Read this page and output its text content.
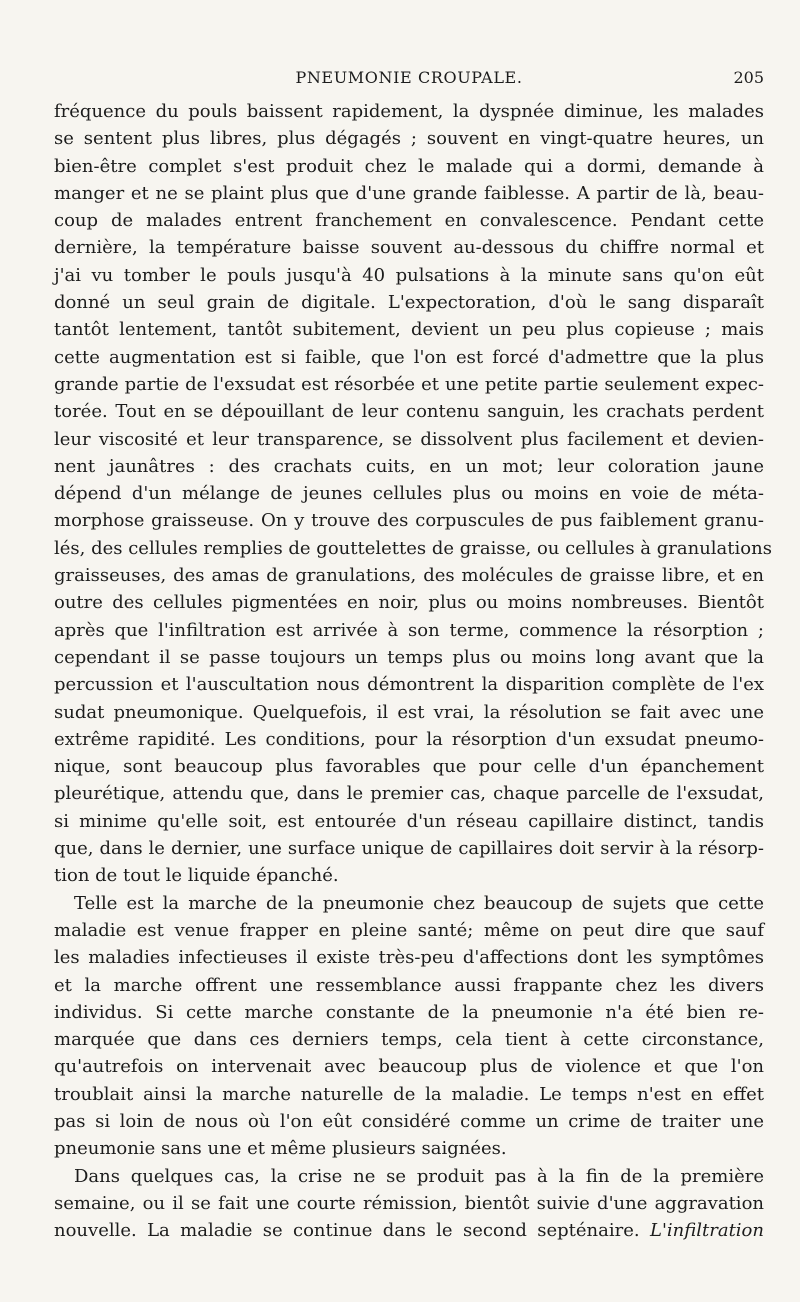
PNEUMONIE CROUPALE.	205
fréquence du pouls baissent rapidement, la dyspnée diminue, les malades
se sentent plus libres, plus dégagés ; souvent en vingt-quatre heures, un
bien-être complet s'est produit chez le malade qui a dormi, demande à
manger et ne se plaint plus que d'une grande faiblesse. A partir de là, beau-
coup de malades entrent franchement en convalescence. Pendant cette
dernière, la température baisse souvent au-dessous du chiffre normal et
j'ai vu tomber le pouls jusqu'à 40 pulsations à la minute sans qu'on eût
donné un seul grain de digitale. L'expectoration, d'où le sang disparaît
tantôt lentement, tantôt subitement, devient un peu plus copieuse ; mais
cette augmentation est si faible, que l'on est forcé d'admettre que la plus
grande partie de l'exsudat est résorbée et une petite partie seulement expec-
torée. Tout en se dépouillant de leur contenu sanguin, les crachats perdent
leur viscosité et leur transparence, se dissolvent plus facilement et devien-
nent jaunâtres : des crachats cuits, en un mot; leur coloration jaune
dépend d'un mélange de jeunes cellules plus ou moins en voie de méta-
morphose graisseuse. On y trouve des corpuscules de pus faiblement granu-
lés, des cellules remplies de gouttelettes de graisse, ou cellules à granulations
graisseuses, des amas de granulations, des molécules de graisse libre, et en
outre des cellules pigmentées en noir, plus ou moins nombreuses. Bientôt
après que l'infiltration est arrivée à son terme, commence la résorption ;
cependant il se passe toujours un temps plus ou moins long avant que la
percussion et l'auscultation nous démontrent la disparition complète de l'ex
sudat pneumonique. Quelquefois, il est vrai, la résolution se fait avec une
extrême rapidité. Les conditions, pour la résorption d'un exsudat pneumo-
nique, sont beaucoup plus favorables que pour celle d'un épanchement
pleurétique, attendu que, dans le premier cas, chaque parcelle de l'exsudat,
si minime qu'elle soit, est entourée d'un réseau capillaire distinct, tandis
que, dans le dernier, une surface unique de capillaires doit servir à la résorp-
tion de tout le liquide épanché.
Telle est la marche de la pneumonie chez beaucoup de sujets que cette
maladie est venue frapper en pleine santé; même on peut dire que sauf
les maladies infectieuses il existe très-peu d'affections dont les symptômes
et la marche offrent une ressemblance aussi frappante chez les divers
individus. Si cette marche constante de la pneumonie n'a été bien re-
marquée que dans ces derniers temps, cela tient à cette circonstance,
qu'autrefois on intervenait avec beaucoup plus de violence et que l'on
troublait ainsi la marche naturelle de la maladie. Le temps n'est en effet
pas si loin de nous où l'on eût considéré comme un crime de traiter une
pneumonie sans une et même plusieurs saignées.
Dans quelques cas, la crise ne se produit pas à la fin de la première
semaine, ou il se fait une courte rémission, bientôt suivie d'une aggravation
nouvelle. La maladie se continue dans le second septénaire. L'infiltration
